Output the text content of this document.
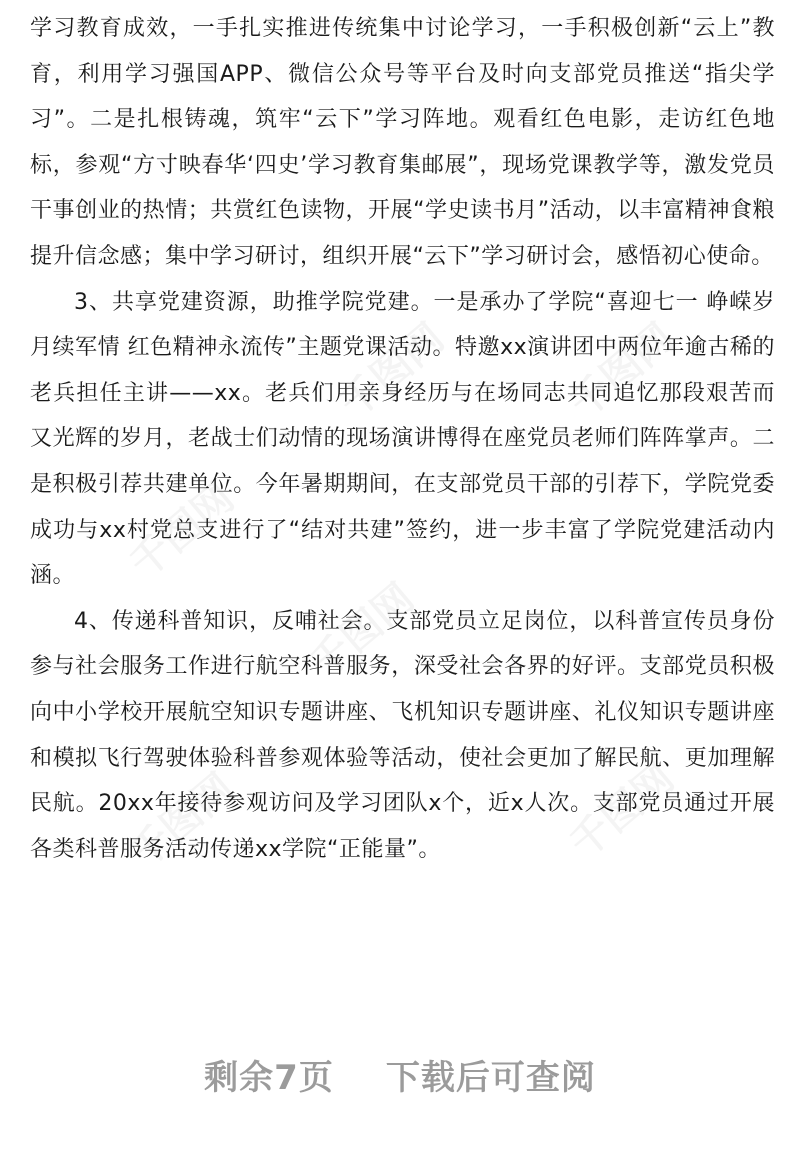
学习教育成效，一手扎实推进传统集中讨论学习，一手积极创新“云上”教育，利用学习强国APP、微信公众号等平台及时向支部党员推送“指尖学习”。二是扎根铸魂，筑牢“云下”学习阵地。观看红色电影，走访红色地标，参观“方寸映春华‘四史’学习教育集邮展”，现场党课教学等，激发党员干事创业的热情；共赏红色读物，开展“学史读书月”活动，以丰富精神食粮提升信念感；集中学习研讨，组织开展“云下”学习研讨会，感悟初心使命。

3、共享党建资源，助推学院党建。一是承办了学院“喜迎七一 峥嵘岁月续军情 红色精神永流传”主题党课活动。特邀xx演讲团中两位年逾古稀的老兵担任主讲——xx。老兵们用亲身经历与在场同志共同追忆那段艰苦而又光辉的岁月，老战士们动情的现场演讲博得在座党员老师们阵阵掌声。二是积极引荐共建单位。今年暑期期间，在支部党员干部的引荐下，学院党委成功与xx村党总支进行了“结对共建”签约，进一步丰富了学院党建活动内涵。

4、传递科普知识，反哺社会。支部党员立足岗位，以科普宣传员身份参与社会服务工作进行航空科普服务，深受社会各界的好评。支部党员积极向中小学校开展航空知识专题讲座、飞机知识专题讲座、礼仪知识专题讲座和模拟飞行驾驶体验科普参观体验等活动，使社会更加了解民航、更加理解民航。20xx年接待参观访问及学习团队x个，近x人次。支部党员通过开展各类科普服务活动传递xx学院“正能量”。

剩余7页 下载后可查阅
